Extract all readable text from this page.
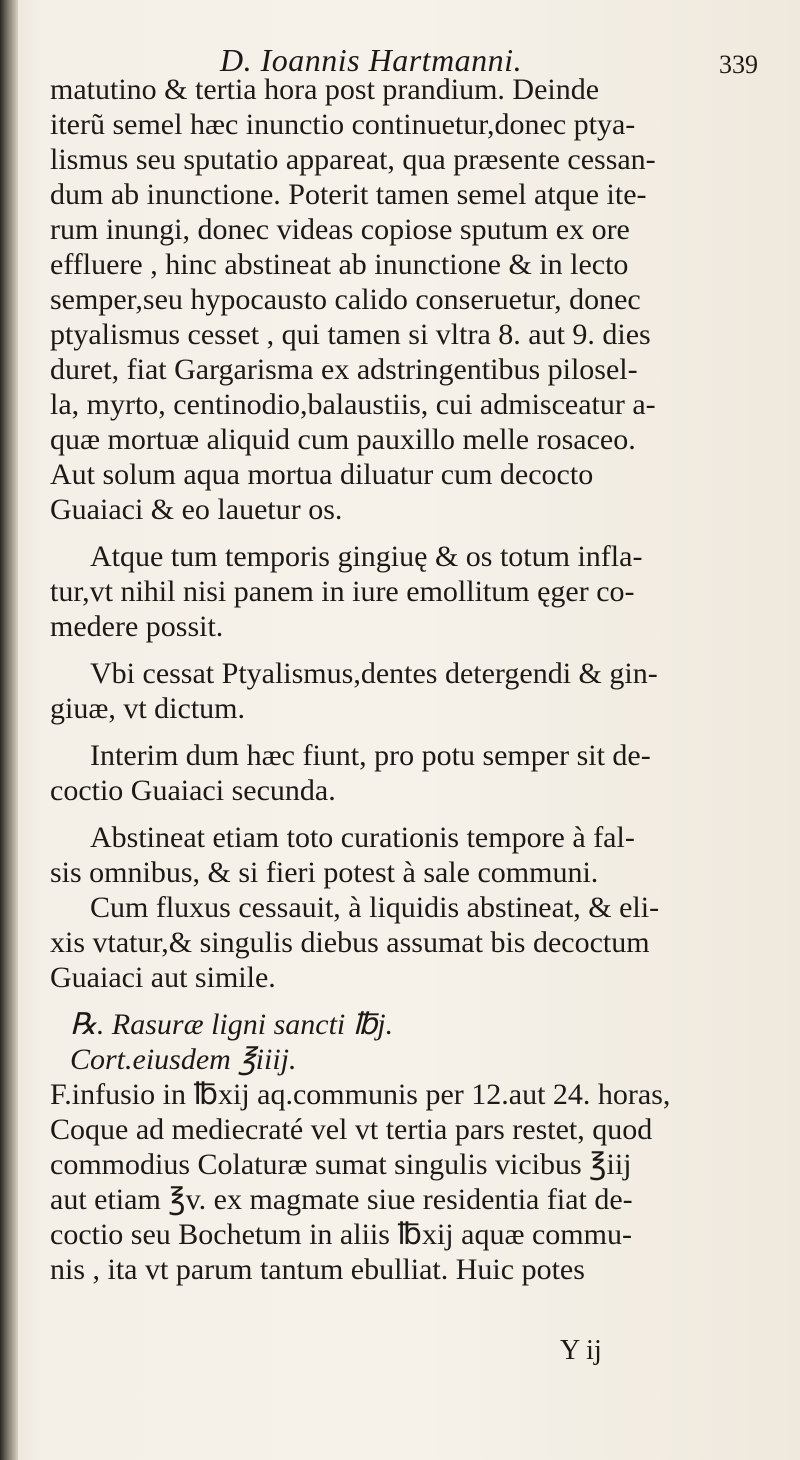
D. Ioannis Hartmanni.	339
matutino & tertia hora post prandium. Deinde
iterũ semel hæc inunctio continuetur,donec ptya-
lismus seu sputatio appareat, qua præsente cessan-
dum ab inunctione. Poterit tamen semel atque ite-
rum inungi, donec videas copiose sputum ex ore
effluere , hinc abstineat ab inunctione & in lecto
semper,seu hypocausto calido conseruetur, donec
ptyalismus cesset , qui tamen si vltra 8. aut 9. dies
duret, fiat Gargarisma ex adstringentibus pilosel-
la, myrto, centinodio,balaustiis, cui admisceatur a-
quæ mortuæ aliquid cum pauxillo melle rosaceo.
Aut solum aqua mortua diluatur cum decocto
Guaiaci & eo lauetur os.
Atque tum temporis gingiuę & os totum infla-
tur,vt nihil nisi panem in iure emollitum ęger co-
medere possit.
Vbi cessat Ptyalismus,dentes detergendi & gin-
giuæ, vt dictum.
Interim dum hæc fiunt, pro potu semper sit de-
coctio Guaiaci secunda.
Abstineat etiam toto curationis tempore à fal-
sis omnibus, & si fieri potest à sale communi.
Cum fluxus cessauit, à liquidis abstineat, & eli-
xis vtatur,& singulis diebus assumat bis decoctum
Guaiaci aut simile.
℞. Rasuræ ligni sancti ℔j.
Cort.eiusdem ℥iiij.
F.infusio in ℔xij aq.communis per 12.aut 24. horas,
Coque ad mediecraté vel vt tertia pars restet, quod
commodius Colaturæ sumat singulis vicibus ℥iij
aut etiam ℥v. ex magmate siue residentia fiat de-
coctio seu Bochetum in aliis ℔xij aquæ commu-
nis , ita vt parum tantum ebulliat. Huic potes
Y ij
